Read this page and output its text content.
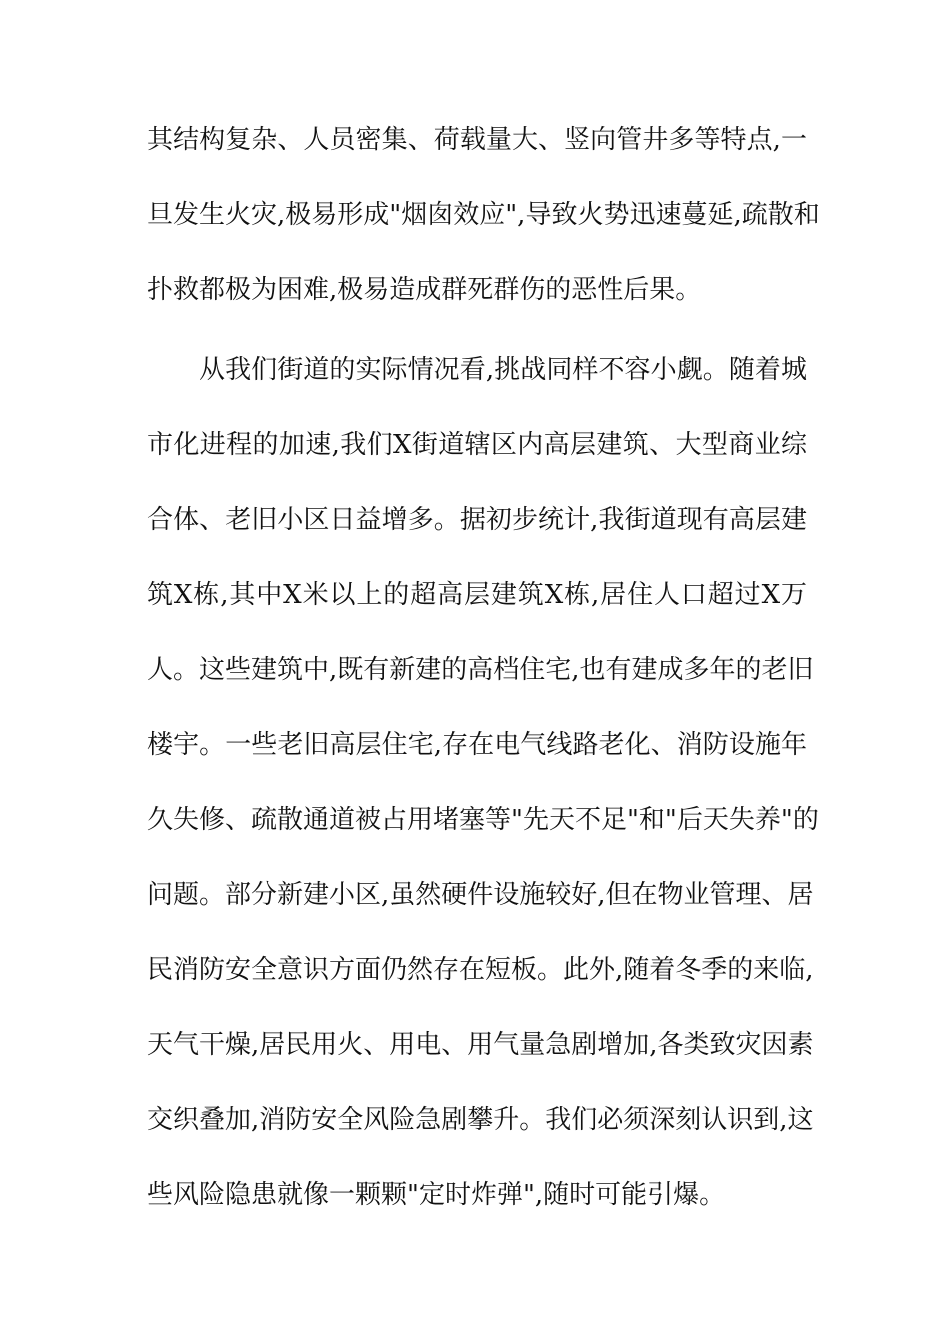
其结构复杂、人员密集、荷载量大、竖向管井多等特点,一
旦发生火灾,极易形成"烟囱效应",导致火势迅速蔓延,疏散和
扑救都极为困难,极易造成群死群伤的恶性后果。
从我们街道的实际情况看,挑战同样不容小觑。随着城
市化进程的加速,我们X街道辖区内高层建筑、大型商业综
合体、老旧小区日益增多。据初步统计,我街道现有高层建
筑X栋,其中X米以上的超高层建筑X栋,居住人口超过X万
人。这些建筑中,既有新建的高档住宅,也有建成多年的老旧
楼宇。一些老旧高层住宅,存在电气线路老化、消防设施年
久失修、疏散通道被占用堵塞等"先天不足"和"后天失养"的
问题。部分新建小区,虽然硬件设施较好,但在物业管理、居
民消防安全意识方面仍然存在短板。此外,随着冬季的来临,
天气干燥,居民用火、用电、用气量急剧增加,各类致灾因素
交织叠加,消防安全风险急剧攀升。我们必须深刻认识到,这
些风险隐患就像一颗颗"定时炸弹",随时可能引爆。
